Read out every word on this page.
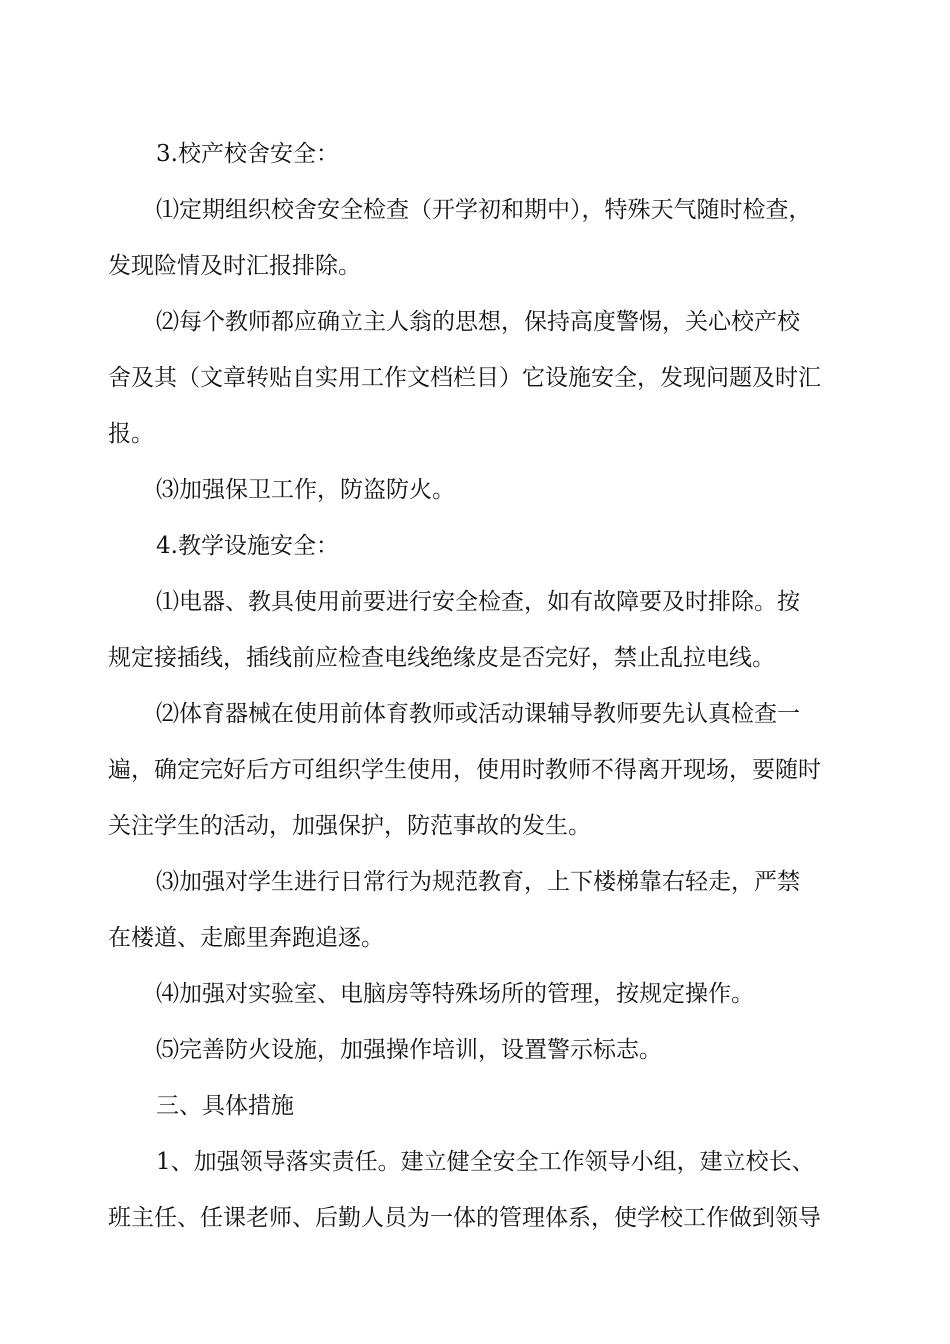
3.校产校舍安全：
⑴定期组织校舍安全检查（开学初和期中），特殊天气随时检查，
发现险情及时汇报排除。
⑵每个教师都应确立主人翁的思想，保持高度警惕，关心校产校
舍及其（文章转贴自实用工作文档栏目）它设施安全，发现问题及时汇
报。
⑶加强保卫工作，防盗防火。
4.教学设施安全：
⑴电器、教具使用前要进行安全检查，如有故障要及时排除。按
规定接插线，插线前应检查电线绝缘皮是否完好，禁止乱拉电线。
⑵体育器械在使用前体育教师或活动课辅导教师要先认真检查一
遍，确定完好后方可组织学生使用，使用时教师不得离开现场，要随时
关注学生的活动，加强保护，防范事故的发生。
⑶加强对学生进行日常行为规范教育，上下楼梯靠右轻走，严禁
在楼道、走廊里奔跑追逐。
⑷加强对实验室、电脑房等特殊场所的管理，按规定操作。
⑸完善防火设施，加强操作培训，设置警示标志。
三、具体措施
1、加强领导落实责任。建立健全安全工作领导小组，建立校长、
班主任、任课老师、后勤人员为一体的管理体系，使学校工作做到领导
